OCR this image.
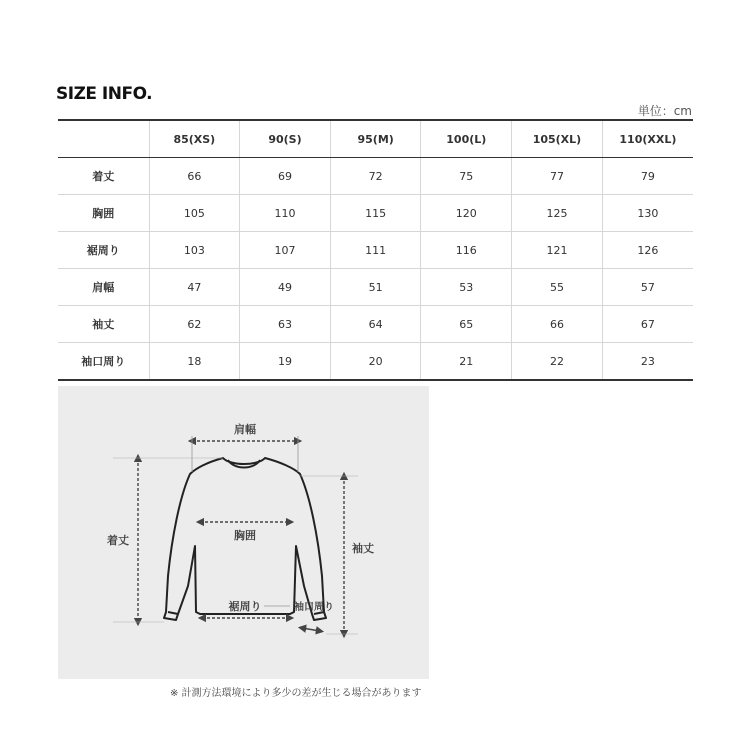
SIZE INFO.
単位：cm
	85(XS)	90(S)	95(M)	100(L)	105(XL)	110(XXL)
着丈	66	69	72	75	77	79
胸囲	105	110	115	120	125	130
裾周り	103	107	111	116	121	126
肩幅	47	49	51	53	55	57
袖丈	62	63	64	65	66	67
袖口周り	18	19	20	21	22	23
肩幅
着丈	胸囲
袖丈
裾周り	袖口周り
※ 計測方法環境により多少の差が生じる場合があります
